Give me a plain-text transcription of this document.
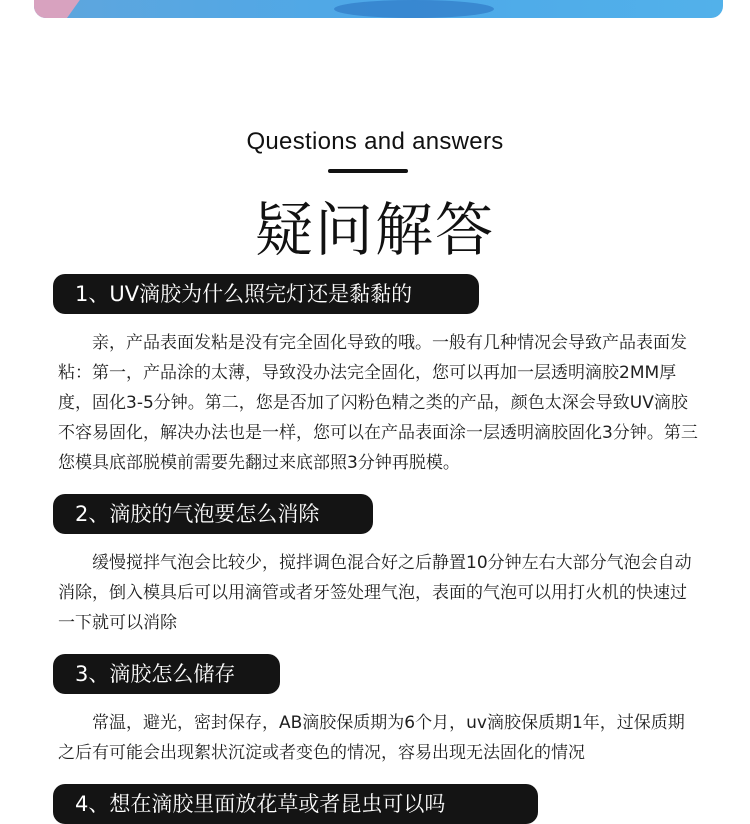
Questions and answers
疑问解答
1、UV滴胶为什么照完灯还是黏黏的

亲，产品表面发粘是没有完全固化导致的哦。一般有几种情况会导致产品表面发粘：第一，产品涂的太薄，导致没办法完全固化，您可以再加一层透明滴胶2MM厚度，固化3-5分钟。第二，您是否加了闪粉色精之类的产品，颜色太深会导致UV滴胶不容易固化，解决办法也是一样，您可以在产品表面涂一层透明滴胶固化3分钟。第三您模具底部脱模前需要先翻过来底部照3分钟再脱模。

2、滴胶的气泡要怎么消除

缓慢搅拌气泡会比较少，搅拌调色混合好之后静置10分钟左右大部分气泡会自动消除，倒入模具后可以用滴管或者牙签处理气泡，表面的气泡可以用打火机的快速过一下就可以消除

3、滴胶怎么储存

常温，避光，密封保存，AB滴胶保质期为6个月，uv滴胶保质期1年，过保质期之后有可能会出现絮状沉淀或者变色的情况，容易出现无法固化的情况

4、想在滴胶里面放花草或者昆虫可以吗
